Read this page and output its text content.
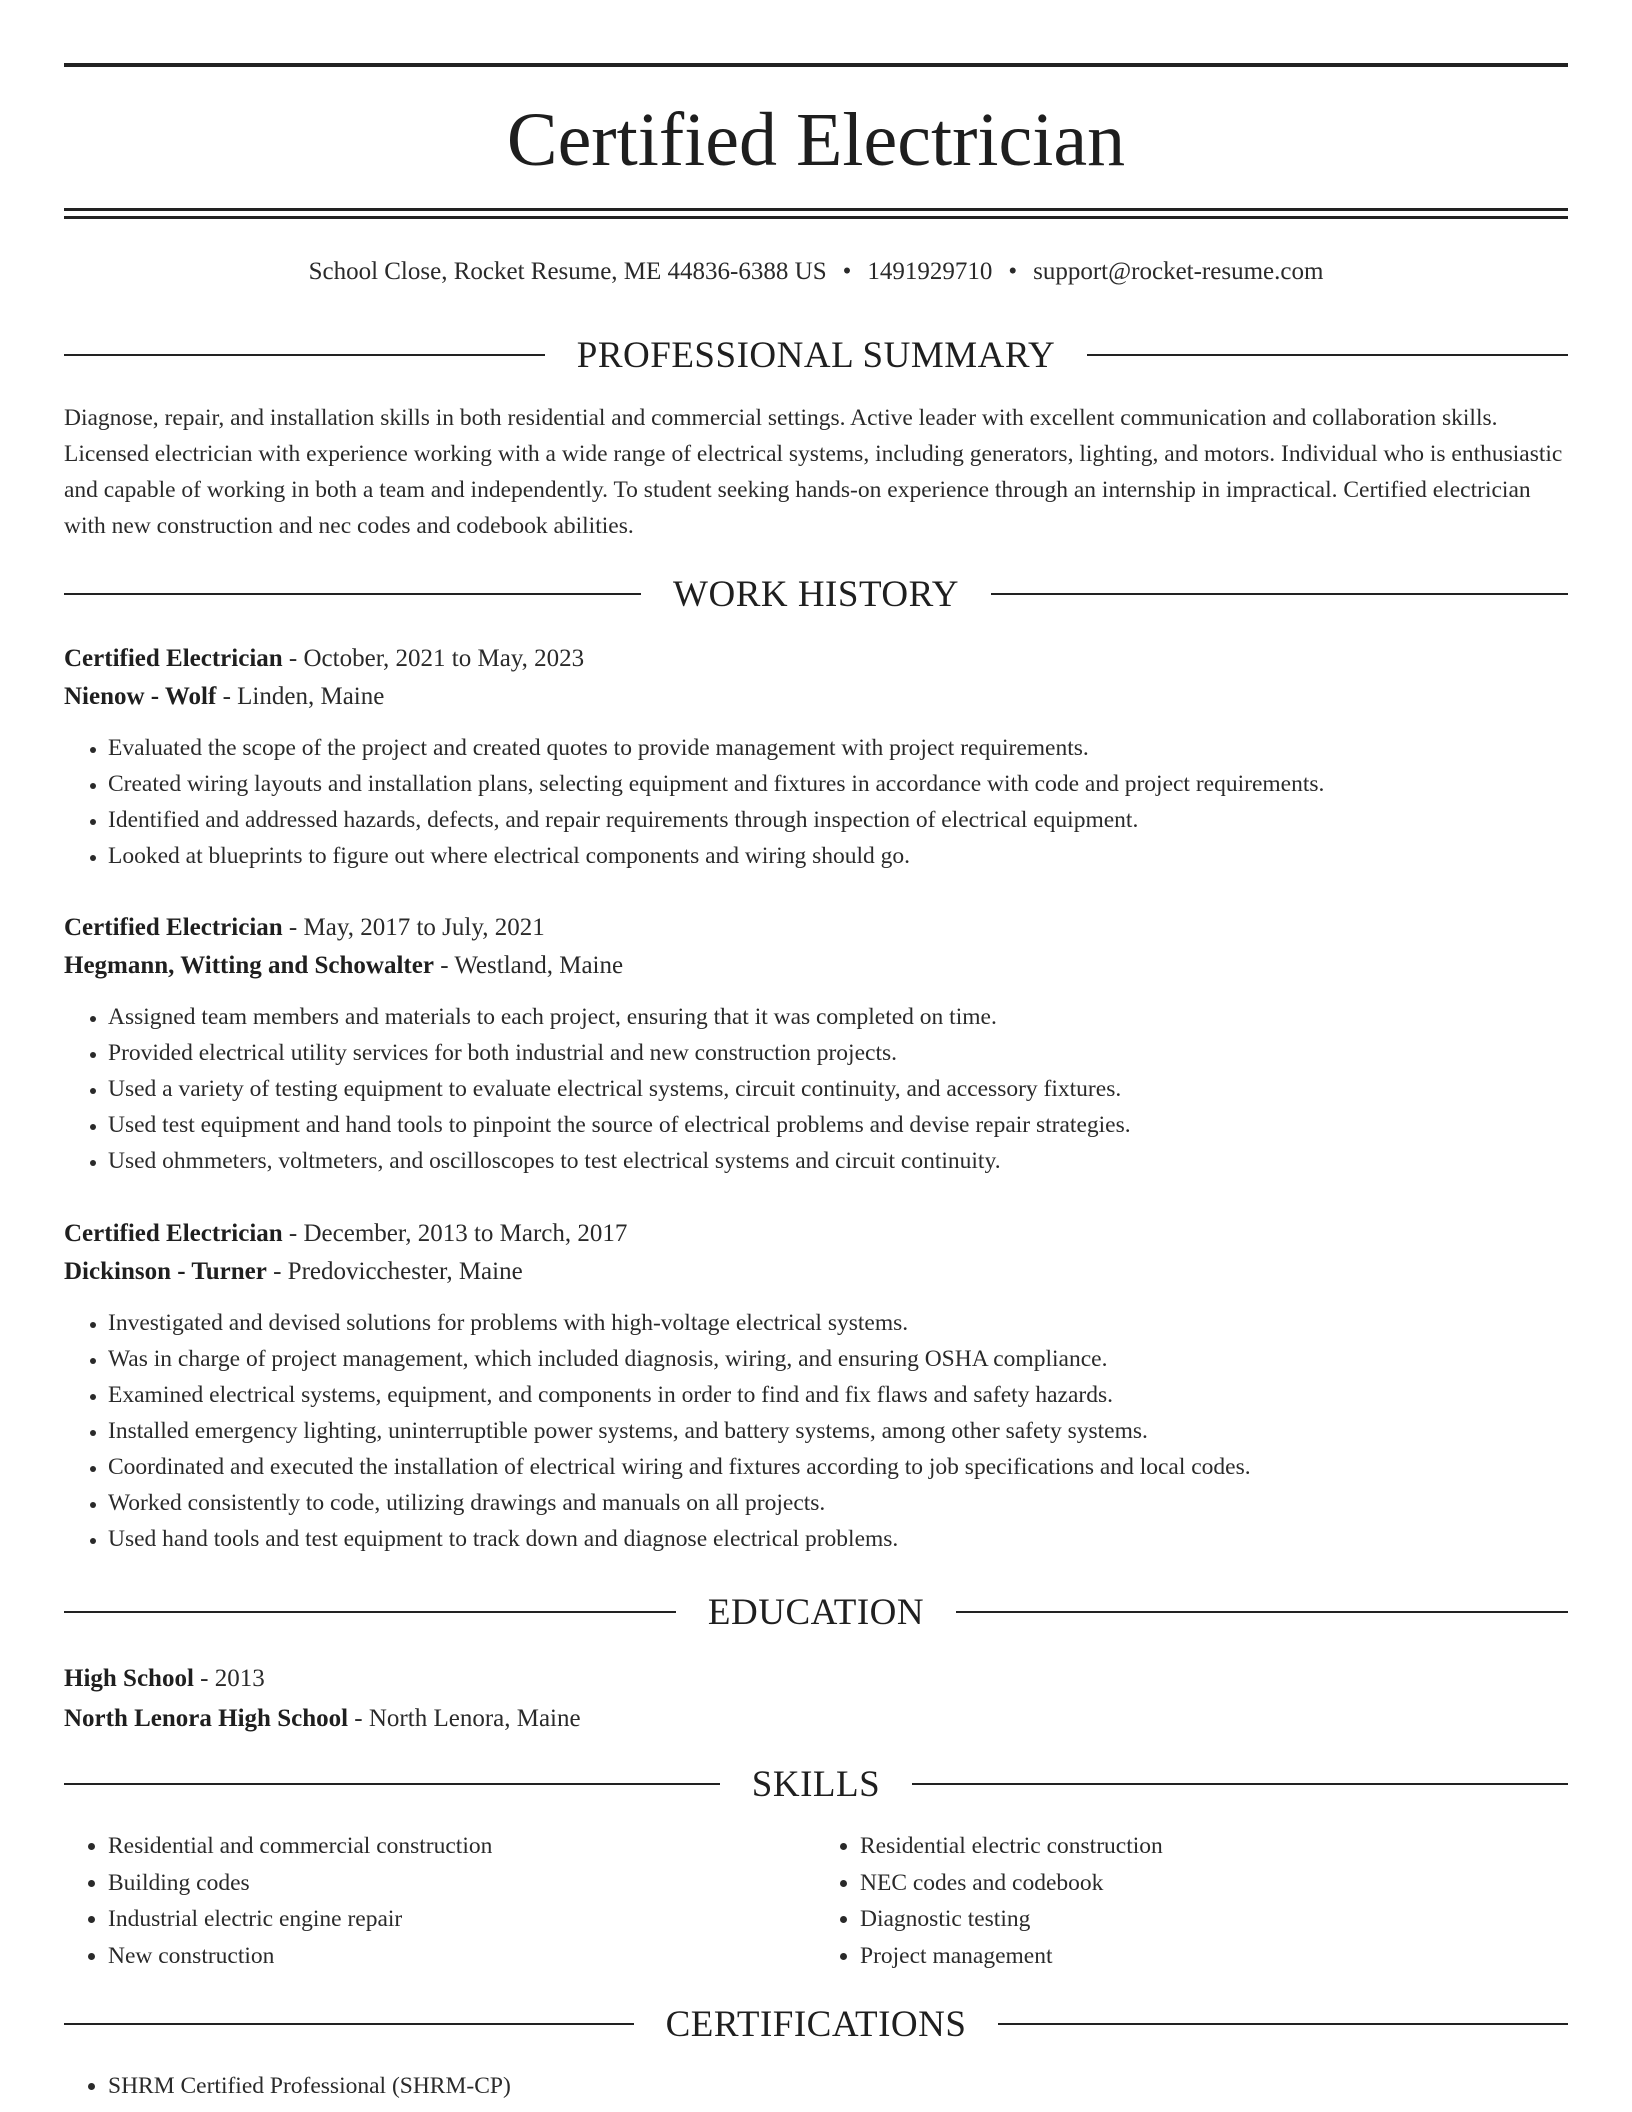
Certified Electrician
School Close, Rocket Resume, ME 44836-6388 US • 1491929710 • support@rocket-resume.com
PROFESSIONAL SUMMARY

Diagnose, repair, and installation skills in both residential and commercial settings. Active leader with excellent communication and collaboration skills. Licensed electrician with experience working with a wide range of electrical systems, including generators, lighting, and motors. Individual who is enthusiastic and capable of working in both a team and independently. To student seeking hands-on experience through an internship in impractical. Certified electrician with new construction and nec codes and codebook abilities.

WORK HISTORY
Certified Electrician - October, 2021 to May, 2023
Nienow - Wolf - Linden, Maine
• Evaluated the scope of the project and created quotes to provide management with project requirements.
• Created wiring layouts and installation plans, selecting equipment and fixtures in accordance with code and project requirements.
• Identified and addressed hazards, defects, and repair requirements through inspection of electrical equipment.
• Looked at blueprints to figure out where electrical components and wiring should go.
Certified Electrician - May, 2017 to July, 2021
Hegmann, Witting and Schowalter - Westland, Maine
• Assigned team members and materials to each project, ensuring that it was completed on time.
• Provided electrical utility services for both industrial and new construction projects.
• Used a variety of testing equipment to evaluate electrical systems, circuit continuity, and accessory fixtures.
• Used test equipment and hand tools to pinpoint the source of electrical problems and devise repair strategies.
• Used ohmmeters, voltmeters, and oscilloscopes to test electrical systems and circuit continuity.
Certified Electrician - December, 2013 to March, 2017
Dickinson - Turner - Predovicchester, Maine
• Investigated and devised solutions for problems with high-voltage electrical systems.
• Was in charge of project management, which included diagnosis, wiring, and ensuring OSHA compliance.
• Examined electrical systems, equipment, and components in order to find and fix flaws and safety hazards.
• Installed emergency lighting, uninterruptible power systems, and battery systems, among other safety systems.
• Coordinated and executed the installation of electrical wiring and fixtures according to job specifications and local codes.
• Worked consistently to code, utilizing drawings and manuals on all projects.
• Used hand tools and test equipment to track down and diagnose electrical problems.
EDUCATION
High School - 2013
North Lenora High School - North Lenora, Maine
SKILLS
• Residential and commercial construction
• Building codes
• Industrial electric engine repair
• New construction
• Residential electric construction
• NEC codes and codebook
• Diagnostic testing
• Project management
CERTIFICATIONS
• SHRM Certified Professional (SHRM-CP)
